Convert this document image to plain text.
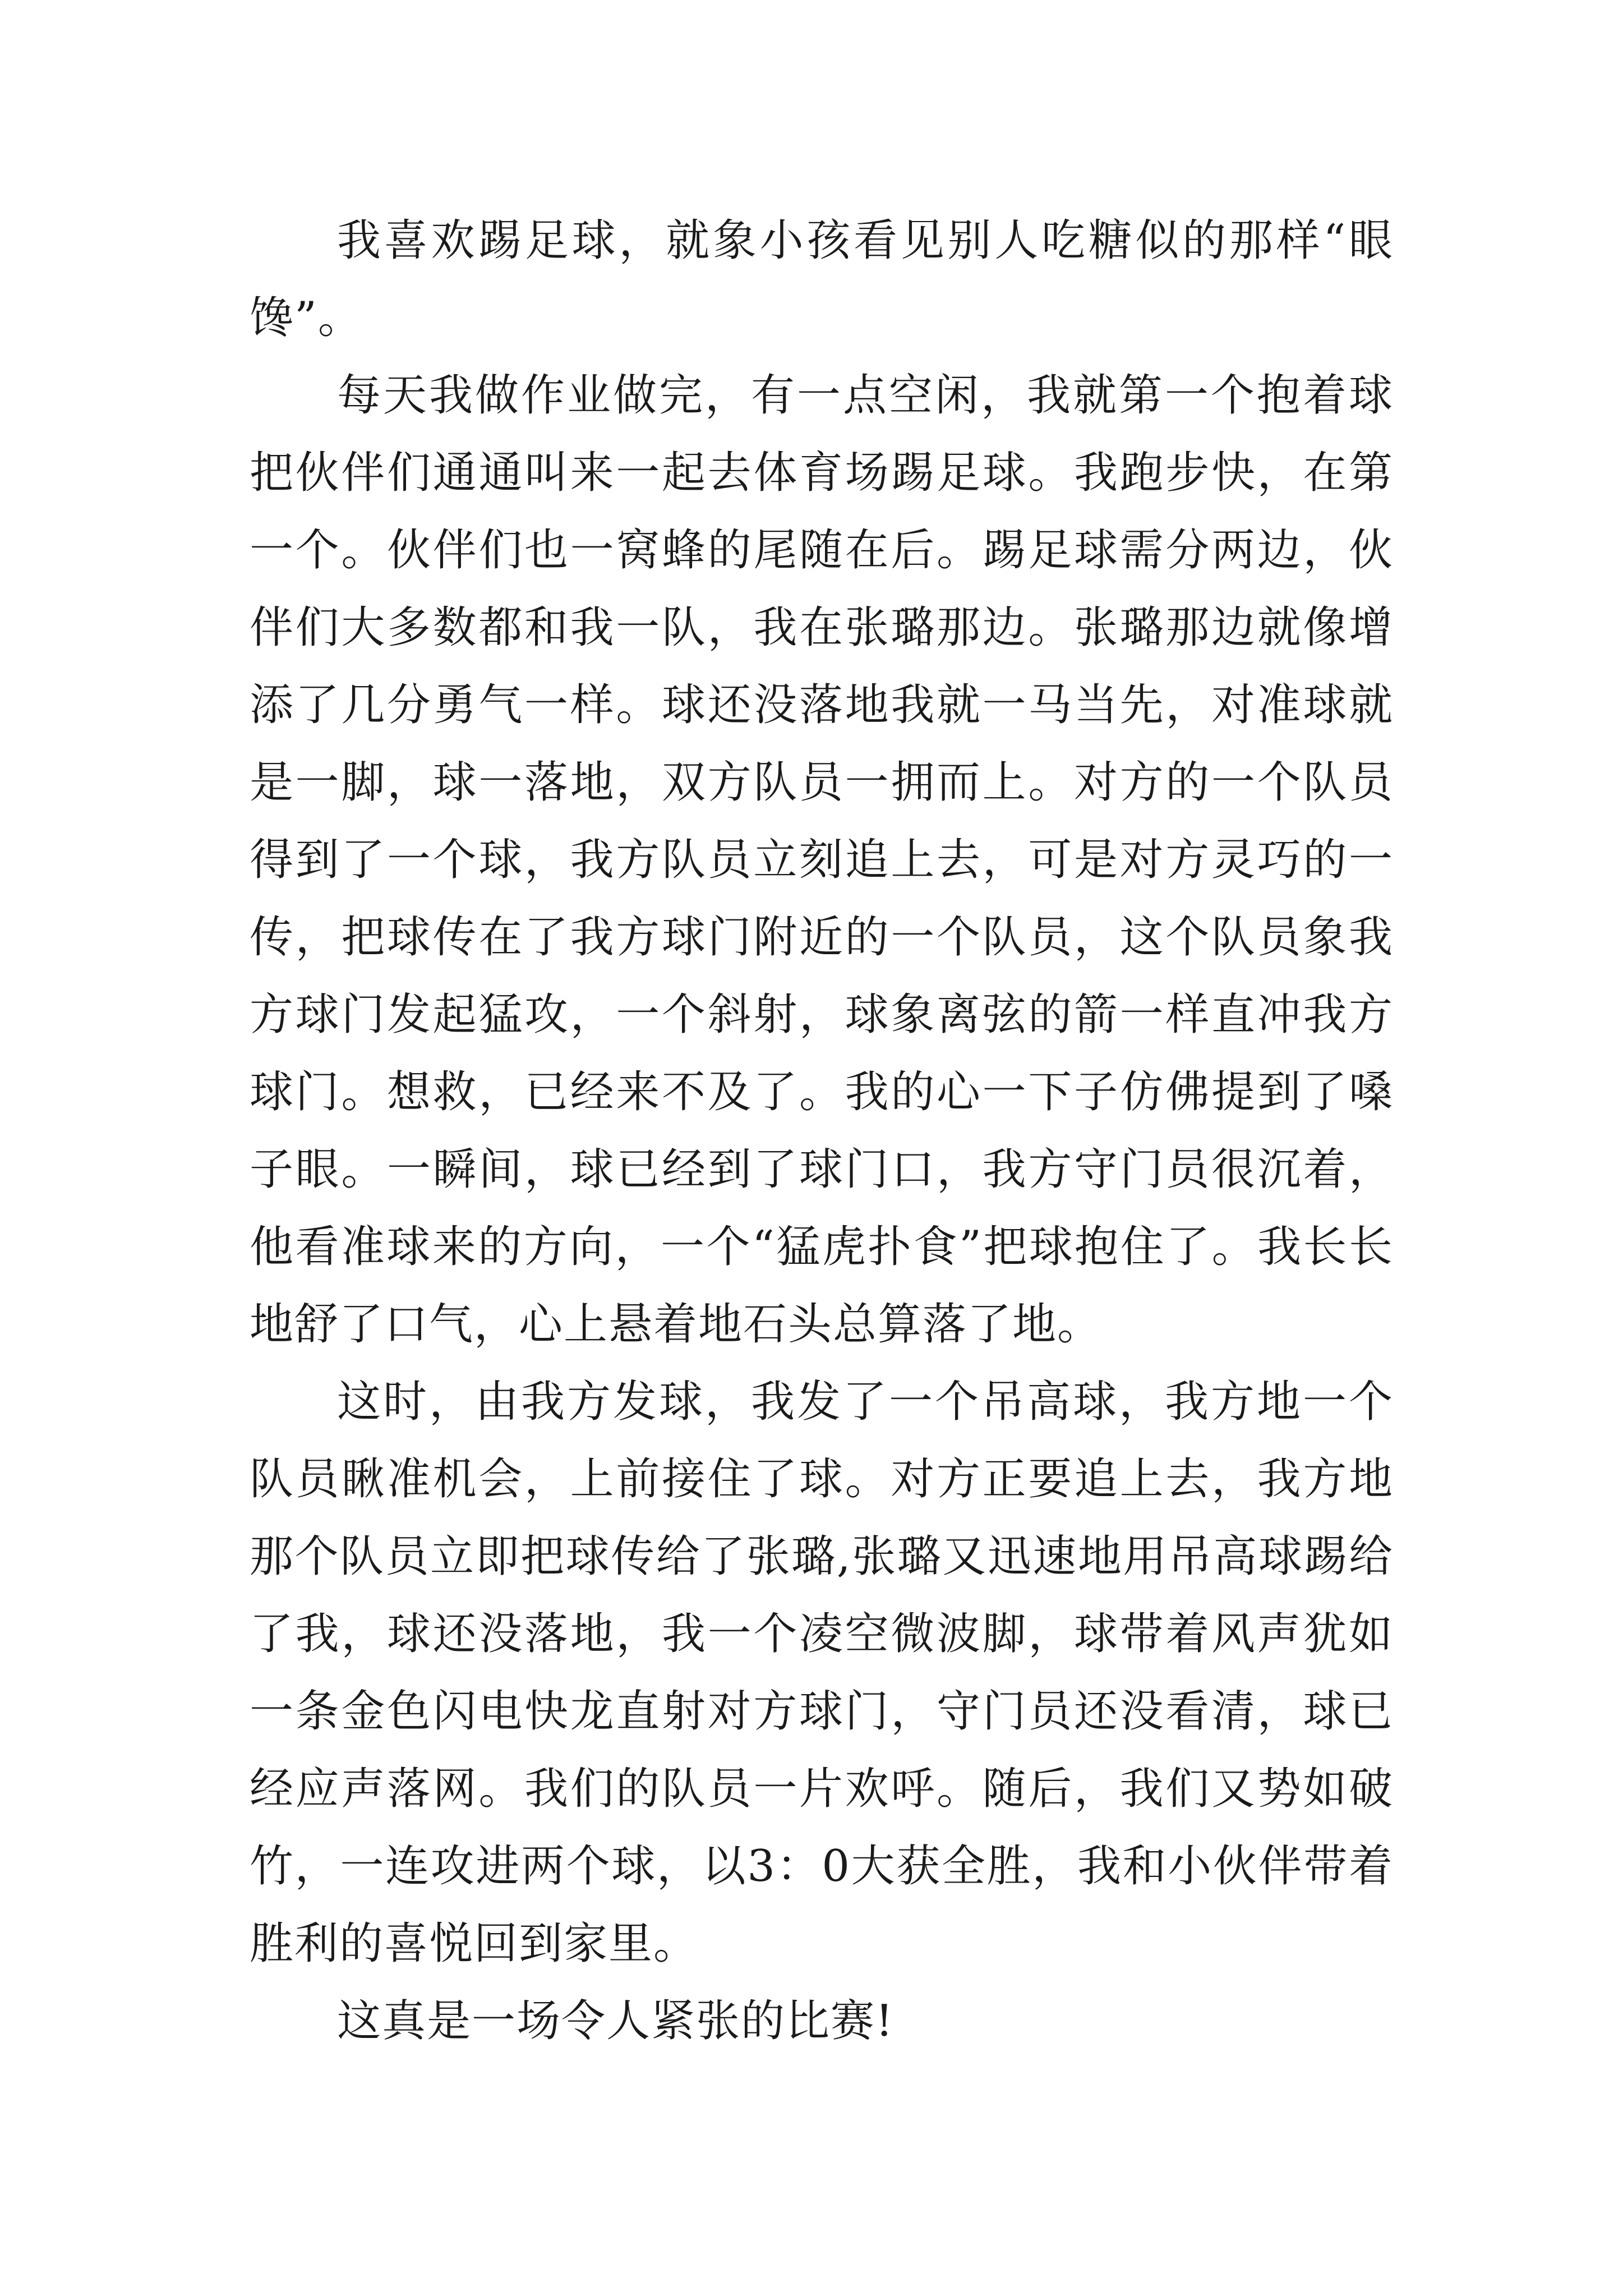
我喜欢踢足球，就象小孩看见别人吃糖似的那样“眼馋”。

每天我做作业做完，有一点空闲，我就第一个抱着球把伙伴们通通叫来一起去体育场踢足球。我跑步快，在第一个。伙伴们也一窝蜂的尾随在后。踢足球需分两边，伙伴们大多数都和我一队，我在张璐那边。张璐那边就像增添了几分勇气一样。球还没落地我就一马当先，对准球就是一脚，球一落地，双方队员一拥而上。对方的一个队员得到了一个球，我方队员立刻追上去，可是对方灵巧的一传，把球传在了我方球门附近的一个队员，这个队员象我方球门发起猛攻，一个斜射，球象离弦的箭一样直冲我方球门。想救，已经来不及了。我的心一下子仿佛提到了嗓子眼。一瞬间，球已经到了球门口，我方守门员很沉着，他看准球来的方向，一个“猛虎扑食”把球抱住了。我长长地舒了口气，心上悬着地石头总算落了地。

这时，由我方发球，我发了一个吊高球，我方地一个队员瞅准机会，上前接住了球。对方正要追上去，我方地那个队员立即把球传给了张璐,张璐又迅速地用吊高球踢给了我，球还没落地，我一个凌空微波脚，球带着风声犹如一条金色闪电快龙直射对方球门，守门员还没看清，球已经应声落网。我们的队员一片欢呼。随后，我们又势如破竹，一连攻进两个球，以3：0大获全胜，我和小伙伴带着胜利的喜悦回到家里。

这真是一场令人紧张的比赛!
